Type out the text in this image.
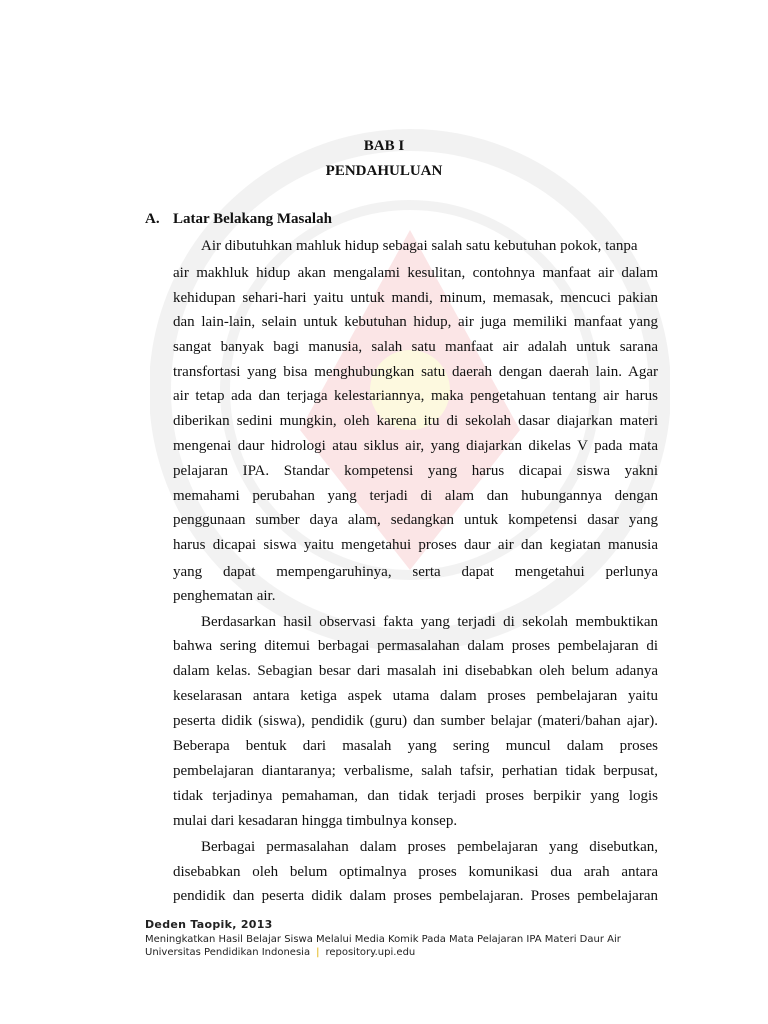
BAB I
PENDAHULUAN
A. Latar Belakang Masalah
Air dibutuhkan mahluk hidup sebagai salah satu kebutuhan pokok, tanpa
air makhluk hidup akan mengalami kesulitan, contohnya manfaat air dalam
kehidupan sehari-hari yaitu untuk mandi, minum, memasak, mencuci pakian
dan lain-lain, selain untuk kebutuhan hidup, air juga memiliki manfaat yang
sangat banyak bagi manusia, salah satu manfaat air adalah untuk sarana
transfortasi yang bisa menghubungkan satu daerah dengan daerah lain. Agar
air tetap ada dan terjaga kelestariannya, maka pengetahuan tentang air harus
diberikan sedini mungkin, oleh karena itu di sekolah dasar diajarkan materi
mengenai daur hidrologi atau siklus air, yang diajarkan dikelas V pada mata
pelajaran IPA. Standar kompetensi yang harus dicapai siswa yakni
memahami perubahan yang terjadi di alam dan hubungannya dengan
penggunaan sumber daya alam, sedangkan untuk kompetensi dasar yang
harus dicapai siswa yaitu mengetahui proses daur air dan kegiatan manusia
yang dapat mempengaruhinya, serta dapat mengetahui perlunya
penghematan air.
Berdasarkan hasil observasi fakta yang terjadi di sekolah membuktikan
bahwa sering ditemui berbagai permasalahan dalam proses pembelajaran di
dalam kelas. Sebagian besar dari masalah ini disebabkan oleh belum adanya
keselarasan antara ketiga aspek utama dalam proses pembelajaran yaitu
peserta didik (siswa), pendidik (guru) dan sumber belajar (materi/bahan ajar).
Beberapa bentuk dari masalah yang sering muncul dalam proses
pembelajaran diantaranya; verbalisme, salah tafsir, perhatian tidak berpusat,
tidak terjadinya pemahaman, dan tidak terjadi proses berpikir yang logis
mulai dari kesadaran hingga timbulnya konsep.
Berbagai permasalahan dalam proses pembelajaran yang disebutkan,
disebabkan oleh belum optimalnya proses komunikasi dua arah antara
pendidik dan peserta didik dalam proses pembelajaran. Proses pembelajaran
Deden Taopik, 2013
Meningkatkan Hasil Belajar Siswa Melalui Media Komik Pada Mata Pelajaran IPA Materi Daur Air
Universitas Pendidikan Indonesia | repository.upi.edu
